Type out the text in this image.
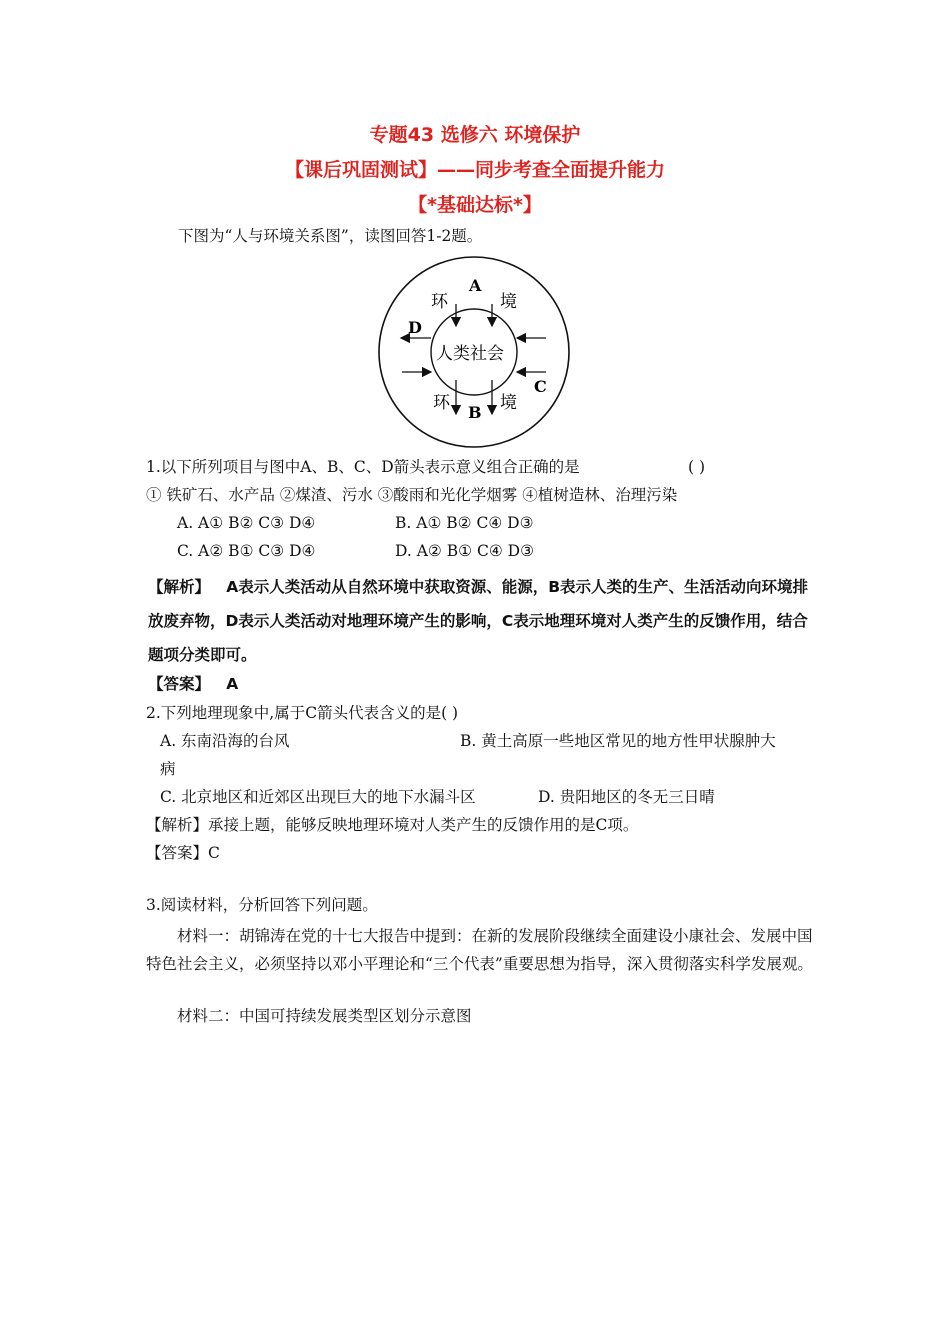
专题43 选修六 环境保护
【课后巩固测试】——同步考查全面提升能力
【*基础达标*】
下图为“人与环境关系图”，读图回答1-2题。
A
环	境
D
人类社会
C
环 B 境
1.以下所列项目与图中A、B、C、D箭头表示意义组合正确的是	( )
① 铁矿石、水产品 ②煤渣、污水 ③酸雨和光化学烟雾 ④植树造林、治理污染
A. A① B② C③ D④	B. A① B② C④ D③
C. A② B① C③ D④	D. A② B① C④ D③
【解析】 A表示人类活动从自然环境中获取资源、能源，B表示人类的生产、生活活动向环境排放废弃物，D表示人类活动对地理环境产生的影响，C表示地理环境对人类产生的反馈作用，结合题项分类即可。
【答案】 A
2.下列地理现象中,属于C箭头代表含义的是( )
A. 东南沿海的台风	B. 黄土高原一些地区常见的地方性甲状腺肿大
病
C. 北京地区和近郊区出现巨大的地下水漏斗区	D. 贵阳地区的冬无三日晴
【解析】承接上题，能够反映地理环境对人类产生的反馈作用的是C项。
【答案】C
3.阅读材料，分析回答下列问题。
材料一：胡锦涛在党的十七大报告中提到：在新的发展阶段继续全面建设小康社会、发展中国特色社会主义，必须坚持以邓小平理论和“三个代表”重要思想为指导，深入贯彻落实科学发展观。
材料二：中国可持续发展类型区划分示意图
